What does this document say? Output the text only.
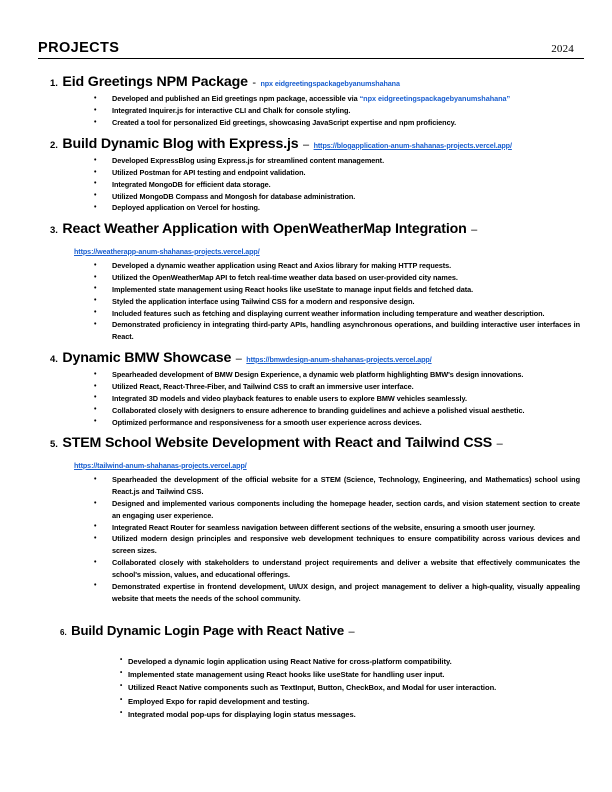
PROJECTS	2024
1. Eid Greetings NPM Package - npx eidgreetingspackagebyanumshahana
• Developed and published an Eid greetings npm package, accessible via “npx eidgreetingspackagebyanumshahana”
• Integrated Inquirer.js for interactive CLI and Chalk for console styling.
• Created a tool for personalized Eid greetings, showcasing JavaScript expertise and npm proficiency.
2. Build Dynamic Blog with Express.js – https://blogapplication-anum-shahanas-projects.vercel.app/
• Developed ExpressBlog using Express.js for streamlined content management.
• Utilized Postman for API testing and endpoint validation.
• Integrated MongoDB for efficient data storage.
• Utilized MongoDB Compass and Mongosh for database administration.
• Deployed application on Vercel for hosting.
3. React Weather Application with OpenWeatherMap Integration –
https://weatherapp-anum-shahanas-projects.vercel.app/
• Developed a dynamic weather application using React and Axios library for making HTTP requests.
• Utilized the OpenWeatherMap API to fetch real-time weather data based on user-provided city names.
• Implemented state management using React hooks like useState to manage input fields and fetched data.
• Styled the application interface using Tailwind CSS for a modern and responsive design.
• Included features such as fetching and displaying current weather information including temperature and weather description.
• Demonstrated proficiency in integrating third-party APIs, handling asynchronous operations, and building interactive user interfaces in React.
4. Dynamic BMW Showcase – https://bmwdesign-anum-shahanas-projects.vercel.app/
• Spearheaded development of BMW Design Experience, a dynamic web platform highlighting BMW's design innovations.
• Utilized React, React-Three-Fiber, and Tailwind CSS to craft an immersive user interface.
• Integrated 3D models and video playback features to enable users to explore BMW vehicles seamlessly.
• Collaborated closely with designers to ensure adherence to branding guidelines and achieve a polished visual aesthetic.
• Optimized performance and responsiveness for a smooth user experience across devices.
5. STEM School Website Development with React and Tailwind CSS –
https://tailwind-anum-shahanas-projects.vercel.app/
• Spearheaded the development of the official website for a STEM (Science, Technology, Engineering, and Mathematics) school using React.js and Tailwind CSS.
• Designed and implemented various components including the homepage header, section cards, and vision statement section to create an engaging user experience.
• Integrated React Router for seamless navigation between different sections of the website, ensuring a smooth user journey.
• Utilized modern design principles and responsive web development techniques to ensure compatibility across various devices and screen sizes.
• Collaborated closely with stakeholders to understand project requirements and deliver a website that effectively communicates the school's mission, values, and educational offerings.
• Demonstrated expertise in frontend development, UI/UX design, and project management to deliver a high-quality, visually appealing website that meets the needs of the school community.
6. Build Dynamic Login Page with React Native –
• Developed a dynamic login application using React Native for cross-platform compatibility.
• Implemented state management using React hooks like useState for handling user input.
• Utilized React Native components such as TextInput, Button, CheckBox, and Modal for user interaction.
• Employed Expo for rapid development and testing.
• Integrated modal pop-ups for displaying login status messages.
